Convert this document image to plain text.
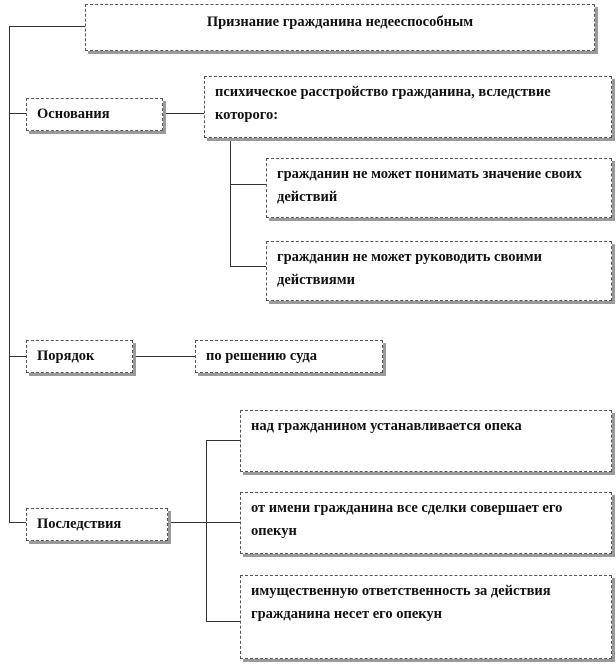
Признание гражданина недееспособным
Основания
психическое расстройство гражданина, вследствие которого:
гражданин не может понимать значение своих действий
гражданин не может руководить своими действиями
Порядок	по решению суда
Последствия
над гражданином устанавливается опека
от имени гражданина все сделки совершает его опекун
имущественную ответственность за действия гражданина несет его опекун
